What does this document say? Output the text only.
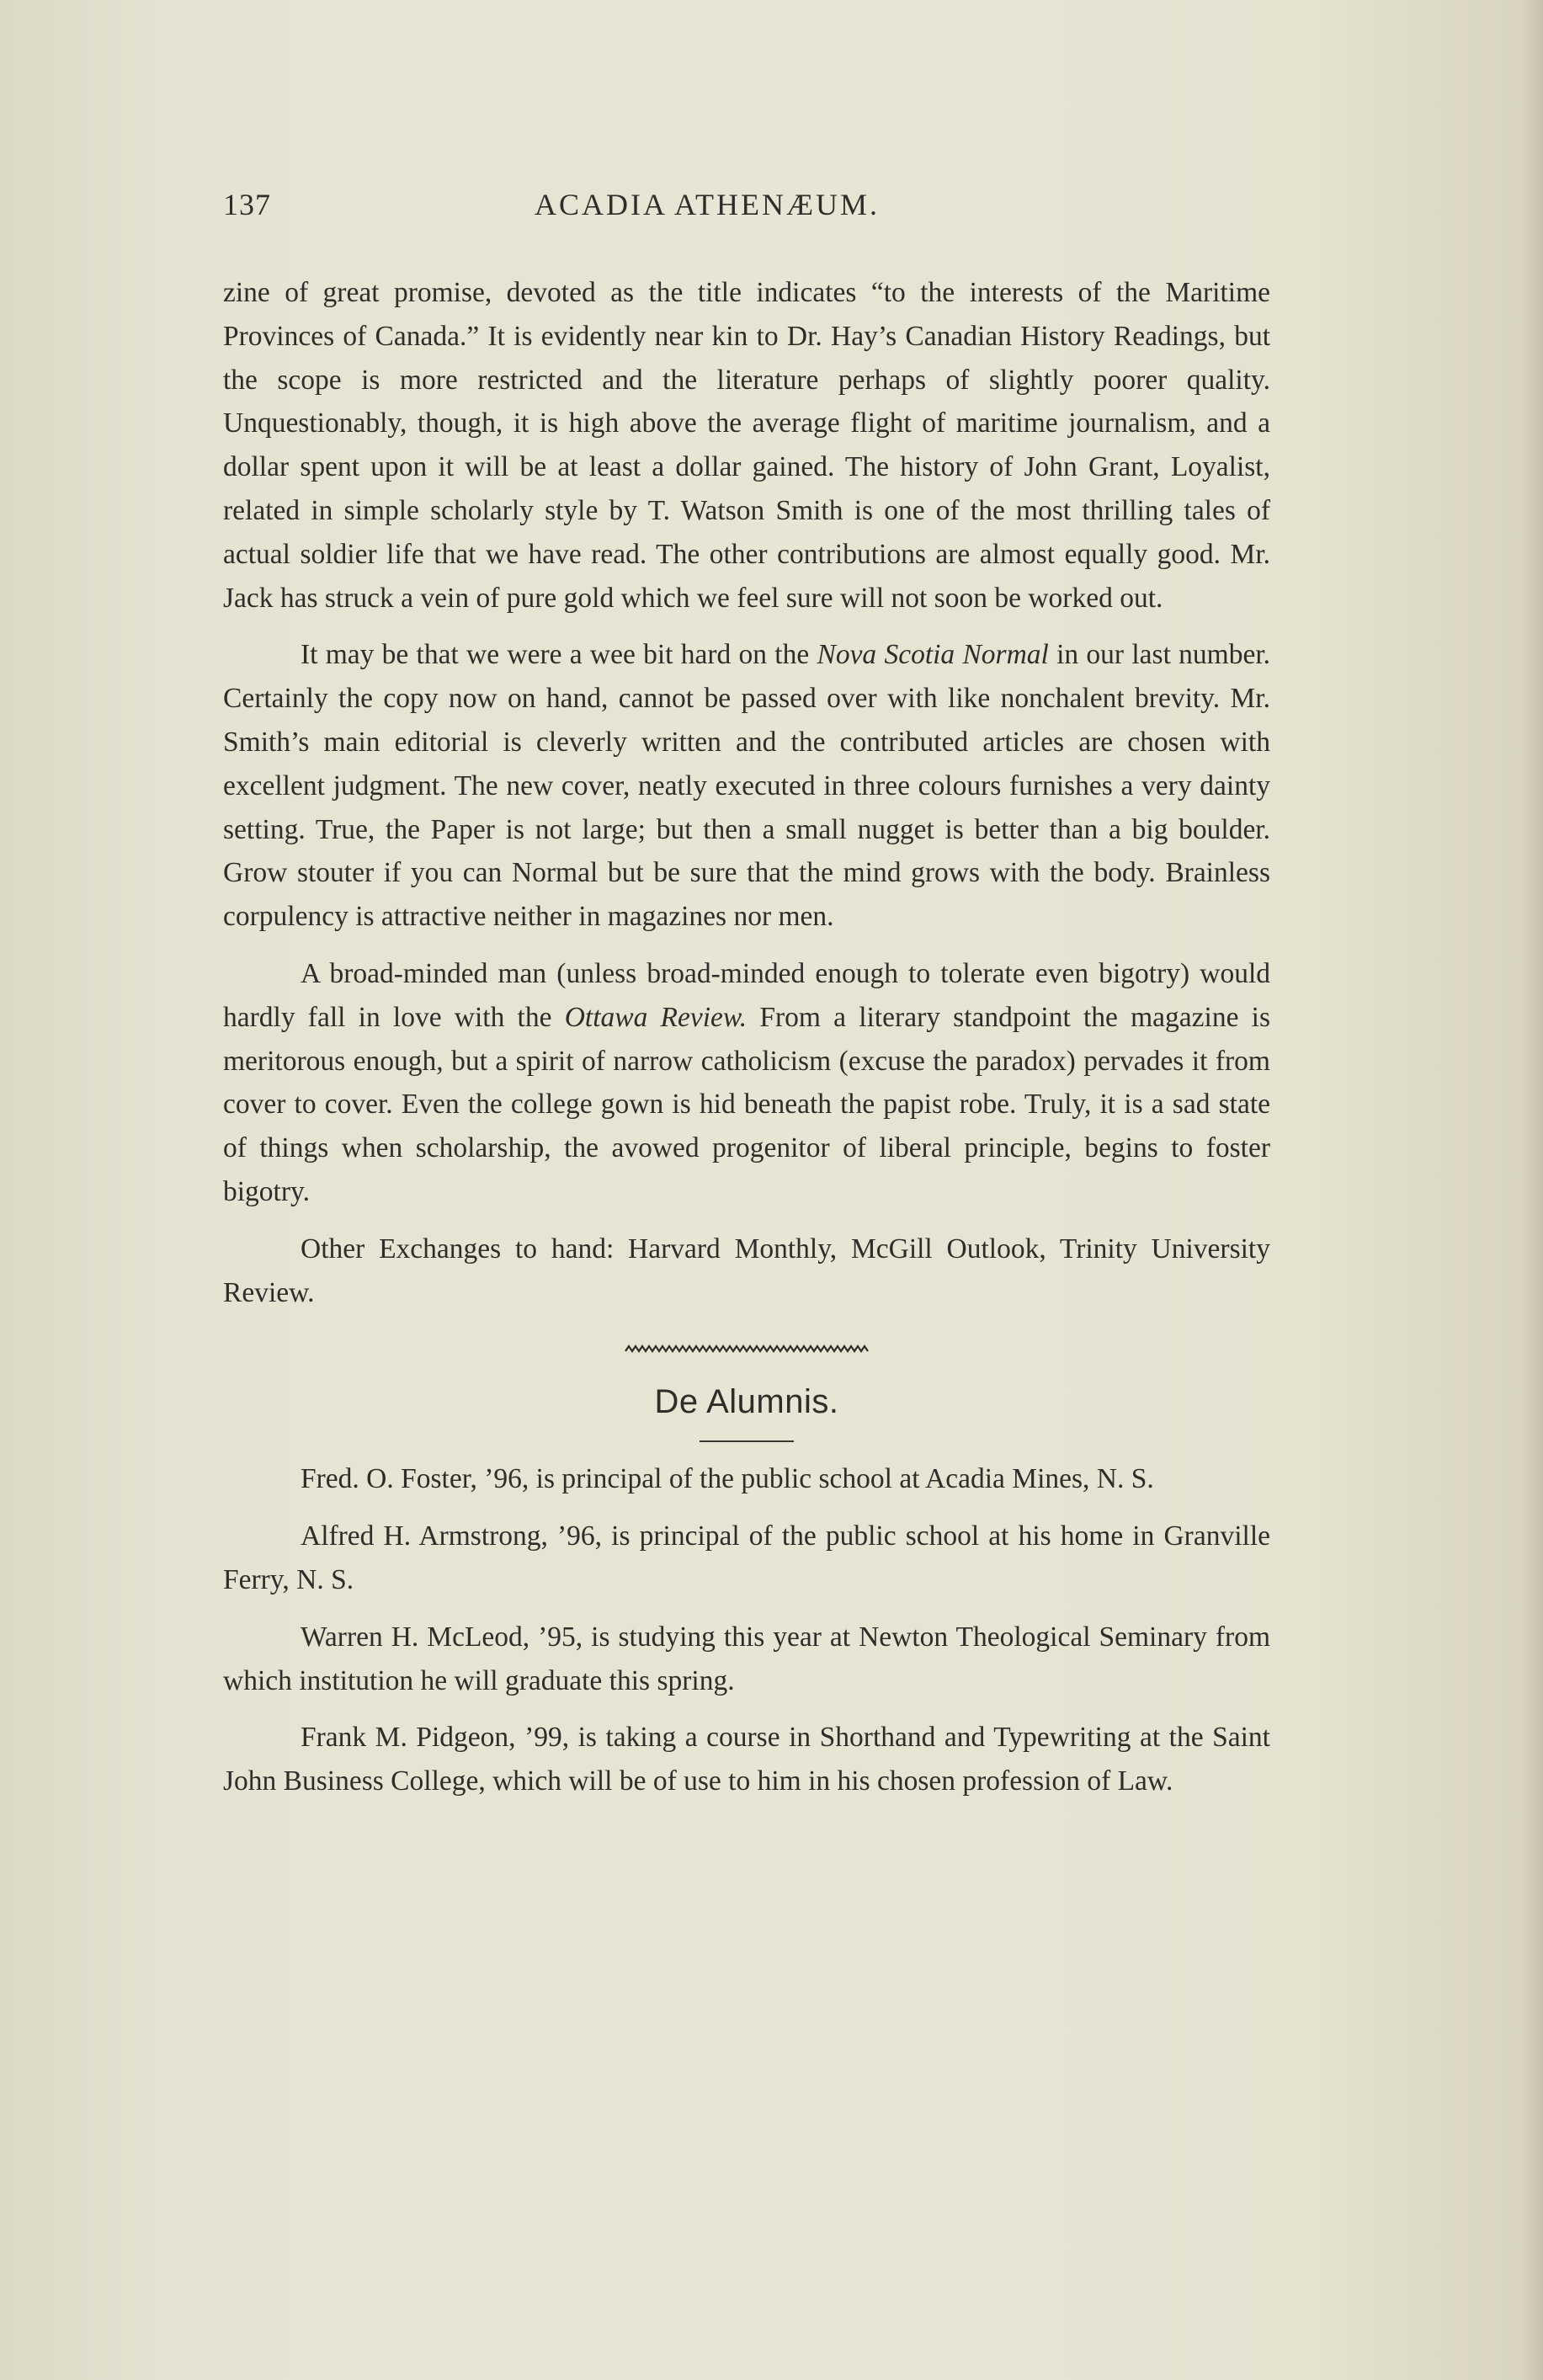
137	ACADIA ATHENÆUM.

zine of great promise, devoted as the title indicates “to the interests of the Maritime Provinces of Canada.” It is evidently near kin to Dr. Hay’s Canadian History Readings, but the scope is more restricted and the literature perhaps of slightly poorer quality. Unquestionably, though, it is high above the average flight of maritime journalism, and a dollar spent upon it will be at least a dollar gained. The history of John Grant, Loyalist, related in simple scholarly style by T. Watson Smith is one of the most thrilling tales of actual soldier life that we have read. The other contributions are almost equally good. Mr. Jack has struck a vein of pure gold which we feel sure will not soon be worked out.

It may be that we were a wee bit hard on the Nova Scotia Normal in our last number. Certainly the copy now on hand, cannot be passed over with like nonchalent brevity. Mr. Smith’s main editorial is cleverly written and the contributed articles are chosen with excellent judgment. The new cover, neatly executed in three colours furnishes a very dainty setting. True, the Paper is not large; but then a small nugget is better than a big boulder. Grow stouter if you can Normal but be sure that the mind grows with the body. Brainless corpulency is attractive neither in magazines nor men.

A broad-minded man (unless broad-minded enough to tolerate even bigotry) would hardly fall in love with the Ottawa Review. From a literary standpoint the magazine is meritorous enough, but a spirit of narrow catholicism (excuse the paradox) pervades it from cover to cover. Even the college gown is hid beneath the papist robe. Truly, it is a sad state of things when scholarship, the avowed progenitor of liberal principle, begins to foster bigotry.

Other Exchanges to hand: Harvard Monthly, McGill Outlook, Trinity University Review.

De Alumnis.

Fred. O. Foster, ’96, is principal of the public school at Acadia Mines, N. S.

Alfred H. Armstrong, ’96, is principal of the public school at his home in Granville Ferry, N. S.

Warren H. McLeod, ’95, is studying this year at Newton Theological Seminary from which institution he will graduate this spring.

Frank M. Pidgeon, ’99, is taking a course in Shorthand and Typewriting at the Saint John Business College, which will be of use to him in his chosen profession of Law.
